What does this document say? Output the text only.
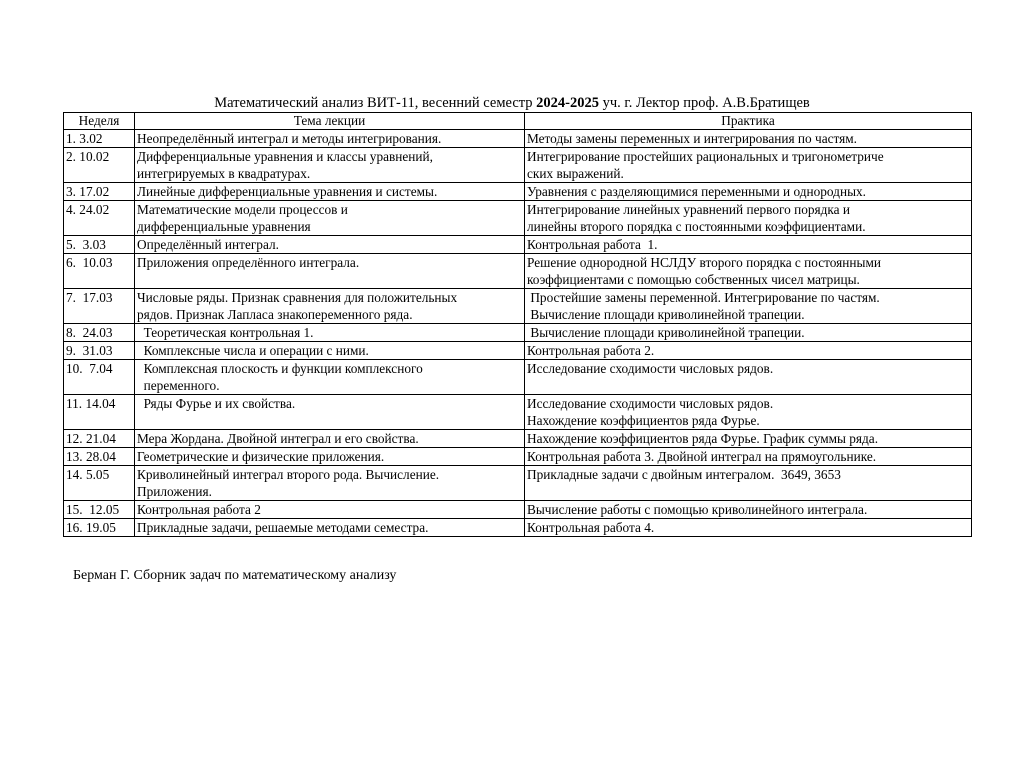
Математический анализ ВИТ-11, весенний семестр 2024-2025 уч. г. Лектор проф. А.В.Братищев
Неделя	Тема лекции	Практика
1. 3.02	Неопределённый интеграл и методы интегрирования.	Методы замены переменных и интегрирования по частям.
2. 10.02	Дифференциальные уравнения и классы уравнений,
интегрируемых в квадратурах.	Интегрирование простейших рациональных и тригонометриче
ских выражений.
3. 17.02	Линейные дифференциальные уравнения и системы.	Уравнения с разделяющимися переменными и однородных.
4. 24.02	Математические модели процессов и
дифференциальные уравнения	Интегрирование линейных уравнений первого порядка и
линейны второго порядка с постоянными коэффициентами.
5.  3.03	Определённый интеграл.	Контрольная работа  1.
6.  10.03	Приложения определённого интеграла.	Решение однородной НСЛДУ второго порядка с постоянными
коэффициентами с помощью собственных чисел матрицы.
7.  17.03	Числовые ряды. Признак сравнения для положительных
рядов. Признак Лапласа знакопеременного ряда.	Простейшие замены переменной. Интегрирование по частям.
Вычисление площади криволинейной трапеции.
8.  24.03	Теоретическая контрольная 1.	Вычисление площади криволинейной трапеции.
9.  31.03	Комплексные числа и операции с ними.	Контрольная работа 2.
10.  7.04	Комплексная плоскость и функции комплексного
переменного.	Исследование сходимости числовых рядов.
11. 14.04	Ряды Фурье и их свойства.	Исследование сходимости числовых рядов.
Нахождение коэффициентов ряда Фурье.
12. 21.04	Мера Жордана. Двойной интеграл и его свойства.	Нахождение коэффициентов ряда Фурье. График суммы ряда.
13. 28.04	Геометрические и физические приложения.	Контрольная работа 3. Двойной интеграл на прямоугольнике.
14. 5.05	Криволинейный интеграл второго рода. Вычисление.
Приложения.	Прикладные задачи с двойным интегралом.  3649, 3653
15.  12.05	Контрольная работа 2	Вычисление работы с помощью криволинейного интеграла.
16. 19.05	Прикладные задачи, решаемые методами семестра.	Контрольная работа 4.
Берман Г. Сборник задач по математическому анализу
